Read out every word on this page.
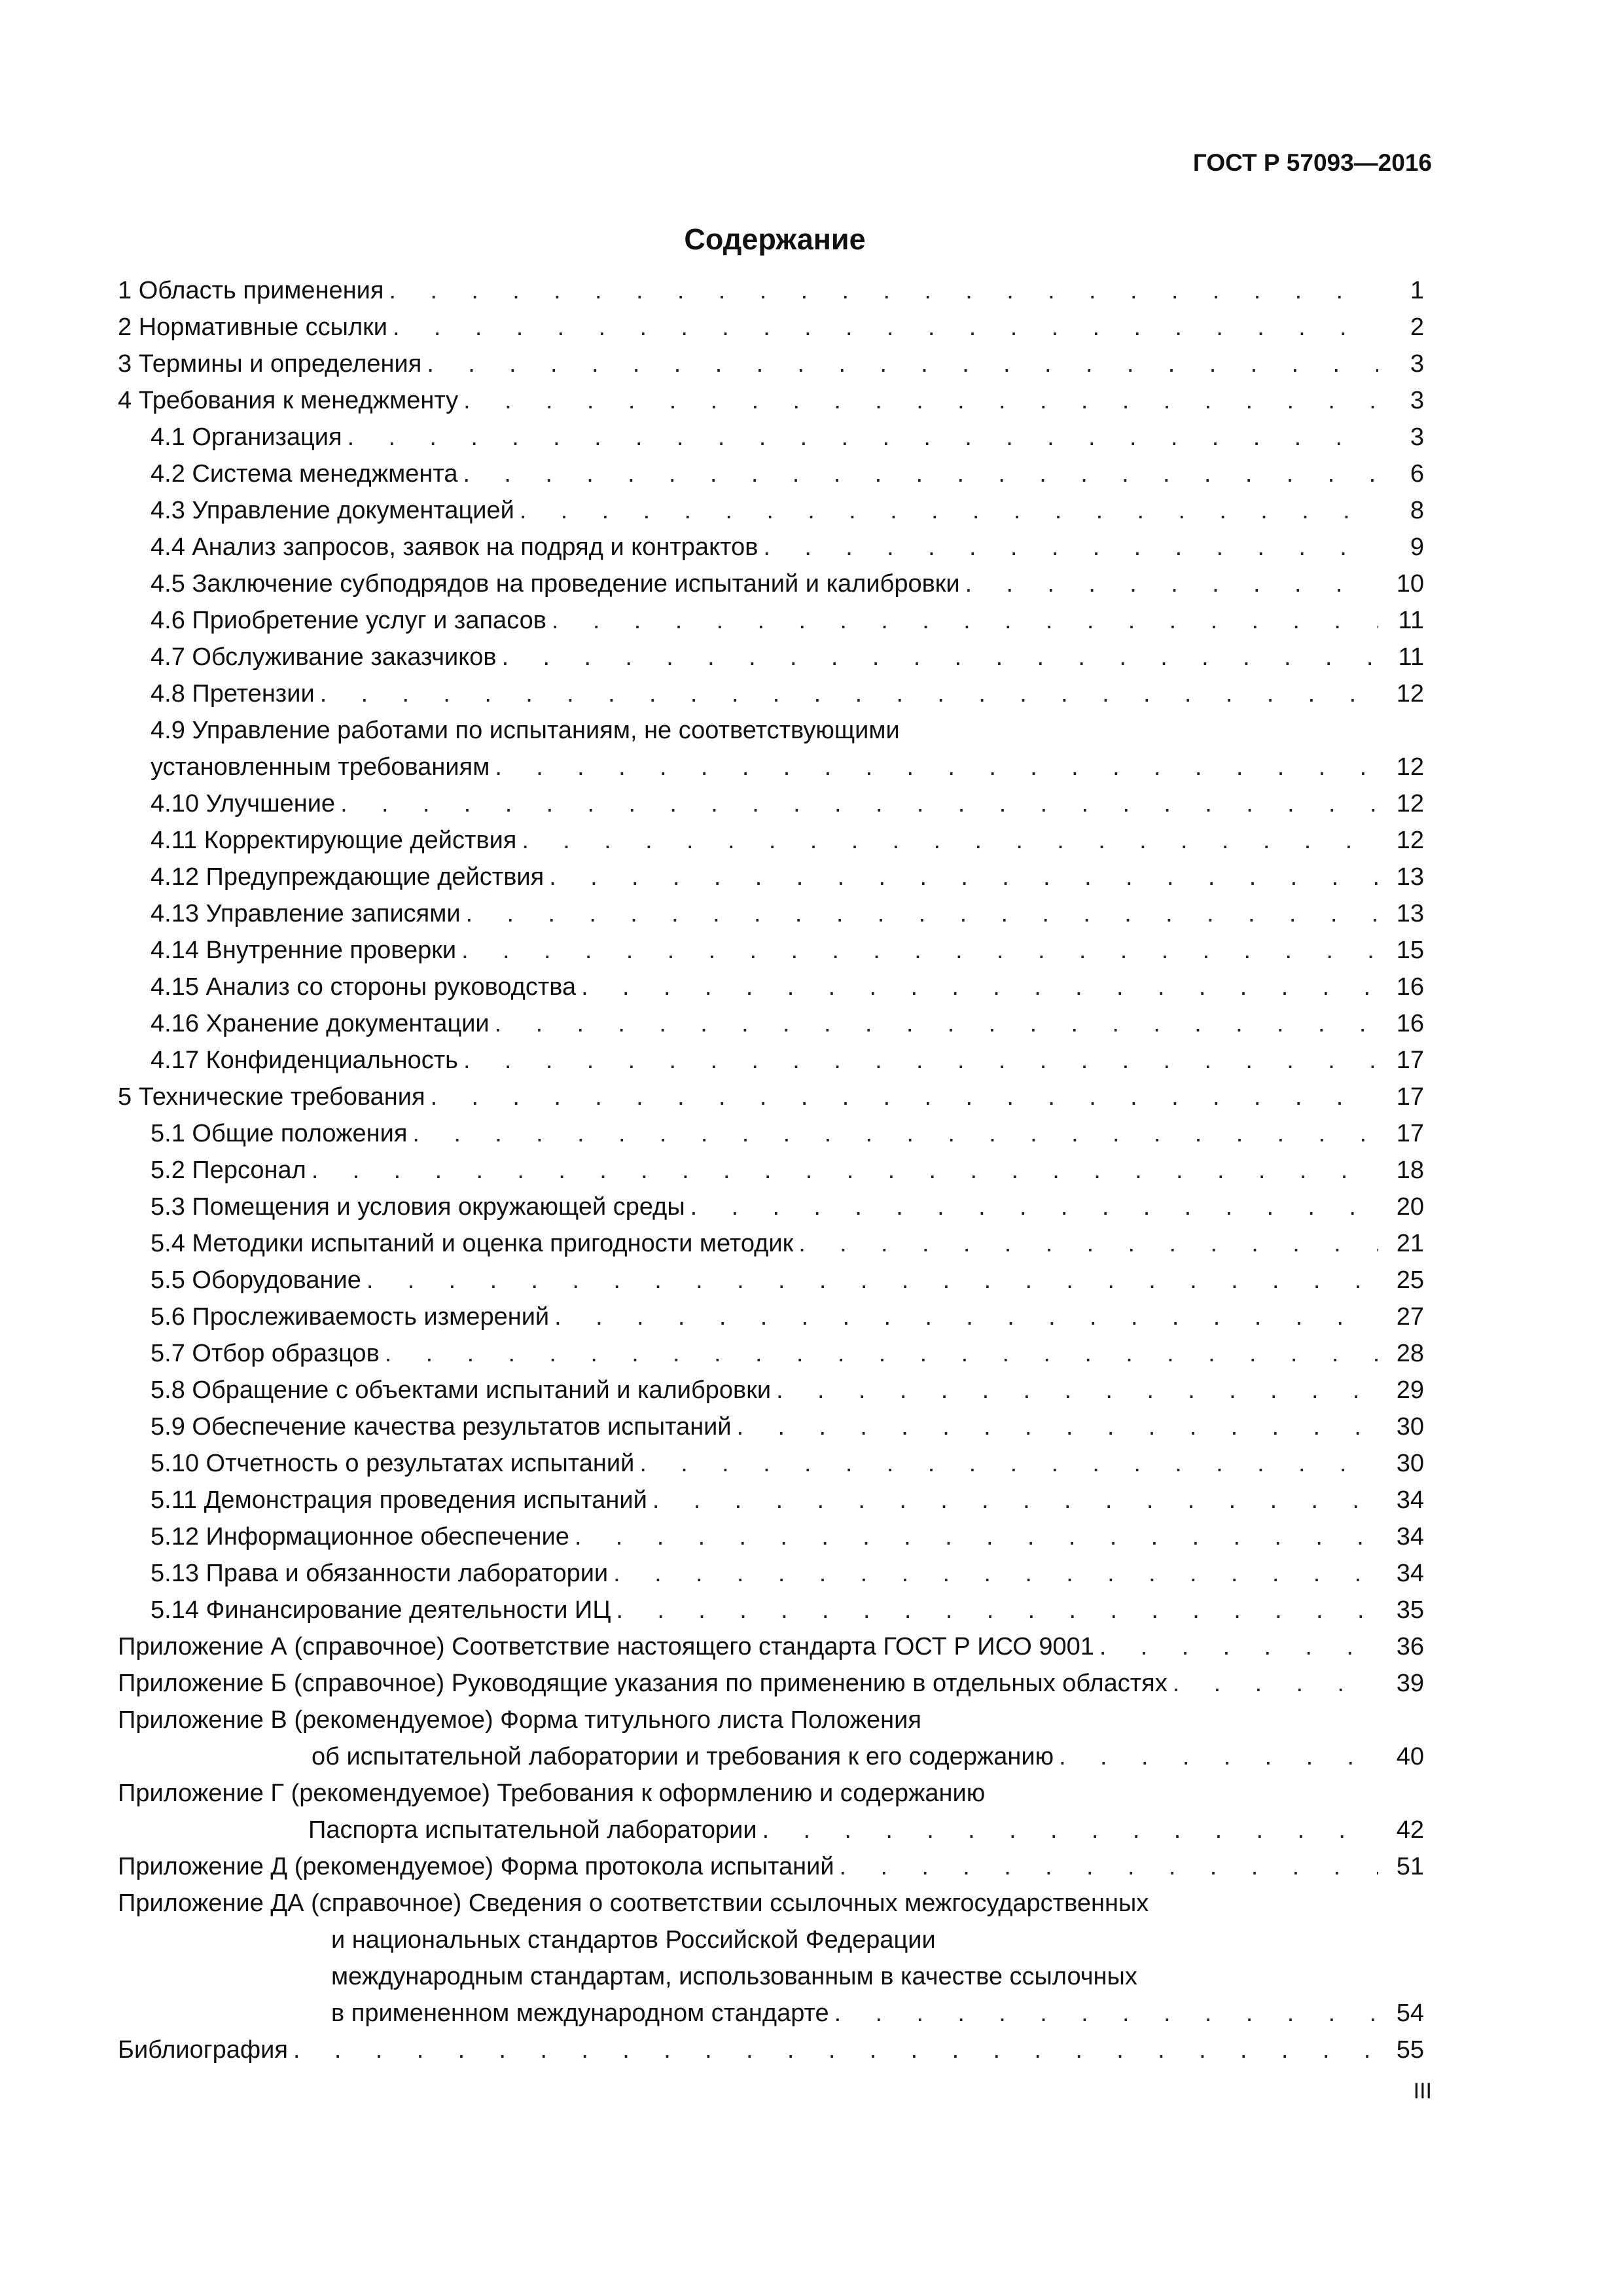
ГОСТ Р 57093—2016
Содержание
1 Область применения . . .	1
2 Нормативные ссылки . . .	2
3 Термины и определения . . .	3
4 Требования к менеджменту . . .	3
4.1 Организация . . .	3
4.2 Система менеджмента . . .	6
4.3 Управление документацией . . .	8
4.4 Анализ запросов, заявок на подряд и контрактов . . .	9
4.5 Заключение субподрядов на проведение испытаний и калибровки . . .	10
4.6 Приобретение услуг и запасов . . .	11
4.7 Обслуживание заказчиков . . .	11
4.8 Претензии . . .	12
4.9 Управление работами по испытаниям, не соответствующими
установленным требованиям . . .	12
4.10 Улучшение . . .	12
4.11 Корректирующие действия . . .	12
4.12 Предупреждающие действия . . .	13
4.13 Управление записями . . .	13
4.14 Внутренние проверки . . .	15
4.15 Анализ со стороны руководства . . .	16
4.16 Хранение документации . . .	16
4.17 Конфиденциальность . . .	17
5 Технические требования . . .	17
5.1 Общие положения . . .	17
5.2 Персонал . . .	18
5.3 Помещения и условия окружающей среды . . .	20
5.4 Методики испытаний и оценка пригодности методик . . .	21
5.5 Оборудование . . .	25
5.6 Прослеживаемость измерений . . .	27
5.7 Отбор образцов . . .	28
5.8 Обращение с объектами испытаний и калибровки . . .	29
5.9 Обеспечение качества результатов испытаний . . .	30
5.10 Отчетность о результатах испытаний . . .	30
5.11 Демонстрация проведения испытаний . . .	34
5.12 Информационное обеспечение . . .	34
5.13 Права и обязанности лаборатории . . .	34
5.14 Финансирование деятельности ИЦ . . .	35
Приложение А (справочное) Соответствие настоящего стандарта ГОСТ Р ИСО 9001 . . .	36
Приложение Б (справочное) Руководящие указания по применению в отдельных областях . . .	39
Приложение В (рекомендуемое) Форма титульного листа Положения
об испытательной лаборатории и требования к его содержанию . . .	40
Приложение Г (рекомендуемое) Требования к оформлению и содержанию
Паспорта испытательной лаборатории . . .	42
Приложение Д (рекомендуемое) Форма протокола испытаний . . .	51
Приложение ДА (справочное) Сведения о соответствии ссылочных межгосударственных
и национальных стандартов Российской Федерации
международным стандартам, использованным в качестве ссылочных
в примененном международном стандарте . . .	54
Библиография . . .	55
III
